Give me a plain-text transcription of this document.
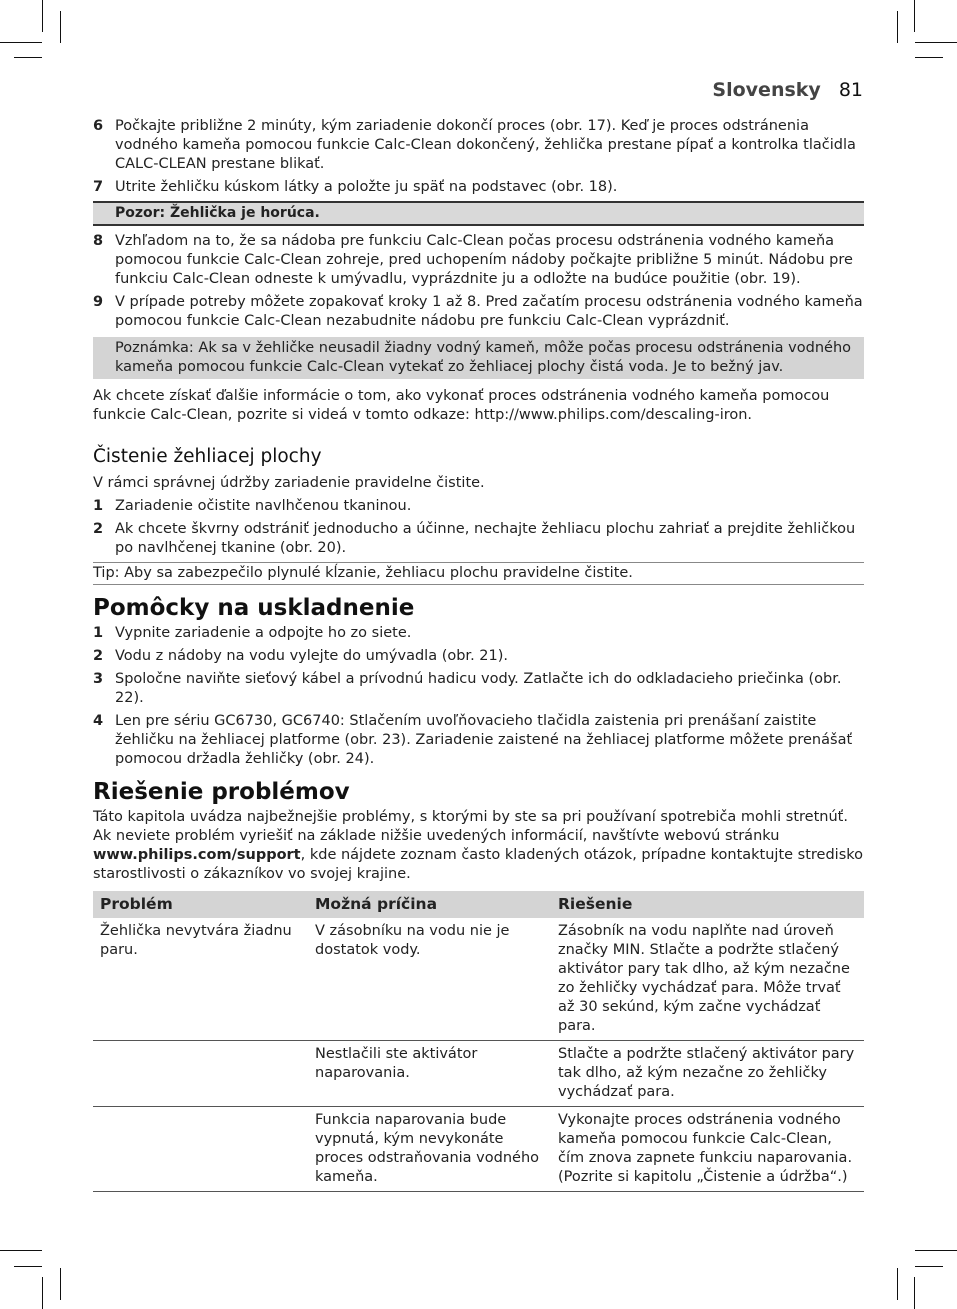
Slovensky 81
6 Počkajte približne 2 minúty, kým zariadenie dokončí proces (obr. 17). Keď je proces odstránenia vodného kameňa pomocou funkcie Calc-Clean dokončený, žehlička prestane pípať a kontrolka tlačidla CALC-CLEAN prestane blikať.
7 Utrite žehličku kúskom látky a položte ju späť na podstavec (obr. 18).
Pozor: Žehlička je horúca.
8 Vzhľadom na to, že sa nádoba pre funkciu Calc-Clean počas procesu odstránenia vodného kameňa pomocou funkcie Calc-Clean zohreje, pred uchopením nádoby počkajte približne 5 minút. Nádobu pre funkciu Calc-Clean odneste k umývadlu, vyprázdnite ju a odložte na budúce použitie (obr. 19).
9 V prípade potreby môžete zopakovať kroky 1 až 8. Pred začatím procesu odstránenia vodného kameňa pomocou funkcie Calc-Clean nezabudnite nádobu pre funkciu Calc-Clean vyprázdniť.
Poznámka: Ak sa v žehličke neusadil žiadny vodný kameň, môže počas procesu odstránenia vodného kameňa pomocou funkcie Calc-Clean vytekať zo žehliacej plochy čistá voda. Je to bežný jav.

Ak chcete získať ďalšie informácie o tom, ako vykonať proces odstránenia vodného kameňa pomocou funkcie Calc-Clean, pozrite si videá v tomto odkaze: http://www.philips.com/descaling-iron.

Čistenie žehliacej plochy

V rámci správnej údržby zariadenie pravidelne čistite.

1 Zariadenie očistite navlhčenou tkaninou.
2 Ak chcete škvrny odstrániť jednoducho a účinne, nechajte žehliacu plochu zahriať a prejdite žehličkou po navlhčenej tkanine (obr. 20).
Tip: Aby sa zabezpečilo plynulé kĺzanie, žehliacu plochu pravidelne čistite.
Pomôcky na uskladnenie
1 Vypnite zariadenie a odpojte ho zo siete.
2 Vodu z nádoby na vodu vylejte do umývadla (obr. 21).
3 Spoločne naviňte sieťový kábel a prívodnú hadicu vody. Zatlačte ich do odkladacieho priečinka (obr. 22).
4 Len pre sériu GC6730, GC6740: Stlačením uvoľňovacieho tlačidla zaistenia pri prenášaní zaistite žehličku na žehliacej platforme (obr. 23). Zariadenie zaistené na žehliacej platforme môžete prenášať pomocou držadla žehličky (obr. 24).
Riešenie problémov

Táto kapitola uvádza najbežnejšie problémy, s ktorými by ste sa pri používaní spotrebiča mohli stretnúť. Ak neviete problém vyriešiť na základe nižšie uvedených informácií, navštívte webovú stránku www.philips.com/support, kde nájdete zoznam často kladených otázok, prípadne kontaktujte stredisko starostlivosti o zákazníkov vo svojej krajine.

Problém	Možná príčina	Riešenie
Žehlička nevytvára žiadnu paru.	V zásobníku na vodu nie je dostatok vody.	Zásobník na vodu naplňte nad úroveň značky MIN. Stlačte a podržte stlačený aktivátor pary tak dlho, až kým nezačne zo žehličky vychádzať para. Môže trvať až 30 sekúnd, kým začne vychádzať para.
	Nestlačili ste aktivátor naparovania.	Stlačte a podržte stlačený aktivátor pary tak dlho, až kým nezačne zo žehličky vychádzať para.
	Funkcia naparovania bude vypnutá, kým nevykonáte proces odstraňovania vodného kameňa.	Vykonajte proces odstránenia vodného kameňa pomocou funkcie Calc-Clean, čím znova zapnete funkciu naparovania. (Pozrite si kapitolu „Čistenie a údržba“.)
